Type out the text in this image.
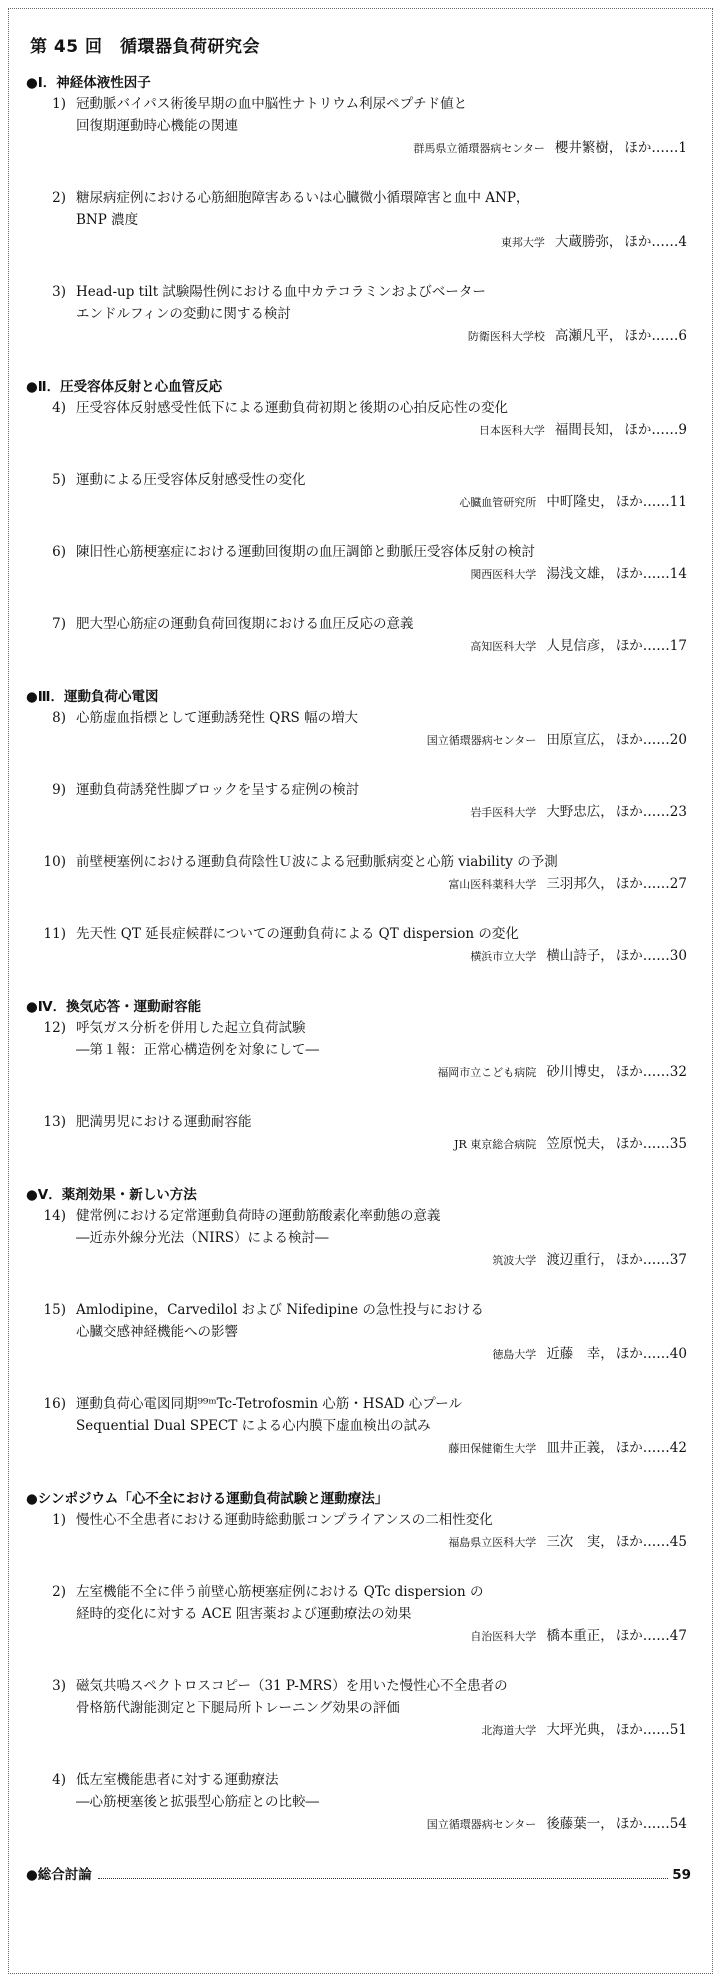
第 45 回　循環器負荷研究会
●Ⅰ．神経体液性因子
1) 冠動脈バイパス術後早期の血中脳性ナトリウム利尿ペプチド値と
回復期運動時心機能の関連
群馬県立循環器病センター 櫻井繁樹， ほか……1
2) 糖尿病症例における心筋細胞障害あるいは心臓微小循環障害と血中 ANP，
BNP 濃度
東邦大学 大蔵勝弥， ほか……4
3) Head-up tilt 試験陽性例における血中カテコラミンおよびベーター
エンドルフィンの変動に関する検討
防衛医科大学校 高瀬凡平， ほか……6
●Ⅱ．圧受容体反射と心血管反応
4) 圧受容体反射感受性低下による運動負荷初期と後期の心拍反応性の変化
日本医科大学 福間長知， ほか……9
5) 運動による圧受容体反射感受性の変化
心臓血管研究所 中町隆史， ほか……11
6) 陳旧性心筋梗塞症における運動回復期の血圧調節と動脈圧受容体反射の検討
関西医科大学 湯浅文雄， ほか……14
7) 肥大型心筋症の運動負荷回復期における血圧反応の意義
高知医科大学 人見信彦， ほか……17
●Ⅲ．運動負荷心電図
8) 心筋虚血指標として運動誘発性 QRS 幅の増大
国立循環器病センター 田原宣広， ほか……20
9) 運動負荷誘発性脚ブロックを呈する症例の検討
岩手医科大学 大野忠広， ほか……23
10) 前壁梗塞例における運動負荷陰性Ｕ波による冠動脈病変と心筋 viability の予測
富山医科薬科大学 三羽邦久， ほか……27
11) 先天性 QT 延長症候群についての運動負荷による QT dispersion の変化
横浜市立大学 横山詩子， ほか……30
●Ⅳ．換気応答・運動耐容能
12) 呼気ガス分析を併用した起立負荷試験
―第１報：正常心構造例を対象にして―
福岡市立こども病院 砂川博史， ほか……32
13) 肥満男児における運動耐容能
JR 東京総合病院 笠原悦夫， ほか……35
●Ⅴ．薬剤効果・新しい方法
14) 健常例における定常運動負荷時の運動筋酸素化率動態の意義
―近赤外線分光法（NIRS）による検討―
筑波大学 渡辺重行， ほか……37
15) Amlodipine，Carvedilol および Nifedipine の急性投与における
心臓交感神経機能への影響
徳島大学 近藤　幸， ほか……40
16) 運動負荷心電図同期⁹⁹ᵐTc-Tetrofosmin 心筋・HSAD 心プール
Sequential Dual SPECT による心内膜下虚血検出の試み
藤田保健衛生大学 皿井正義， ほか……42
●シンポジウム「心不全における運動負荷試験と運動療法」
1) 慢性心不全患者における運動時総動脈コンプライアンスの二相性変化
福島県立医科大学 三次　実， ほか……45
2) 左室機能不全に伴う前壁心筋梗塞症例における QTc dispersion の
経時的変化に対する ACE 阻害薬および運動療法の効果
自治医科大学 橋本重正， ほか……47
3) 磁気共鳴スペクトロスコピー（31 P-MRS）を用いた慢性心不全患者の
骨格筋代謝能測定と下腿局所トレーニング効果の評価
北海道大学 大坪光典， ほか……51
4) 低左室機能患者に対する運動療法
―心筋梗塞後と拡張型心筋症との比較―
国立循環器病センター 後藤葉一， ほか……54
●総合討論	59
